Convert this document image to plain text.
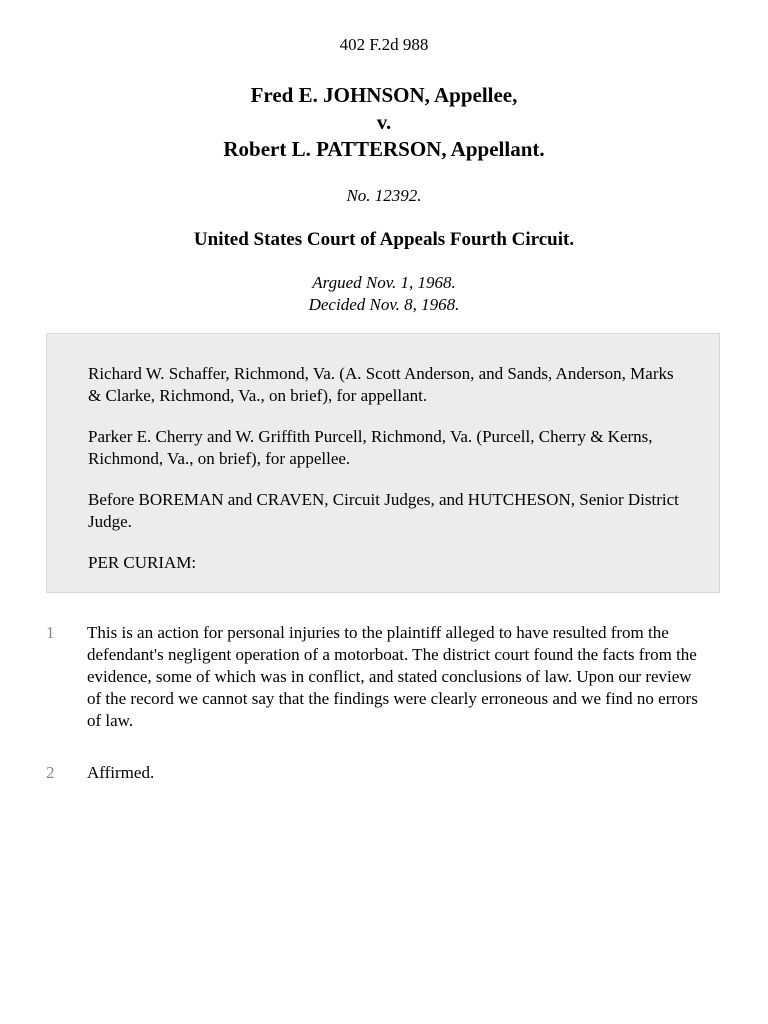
402 F.2d 988
Fred E. JOHNSON, Appellee,
v.
Robert L. PATTERSON, Appellant.
No. 12392.
United States Court of Appeals Fourth Circuit.
Argued Nov. 1, 1968.
Decided Nov. 8, 1968.

Richard W. Schaffer, Richmond, Va. (A. Scott Anderson, and Sands, Anderson, Marks & Clarke, Richmond, Va., on brief), for appellant.

Parker E. Cherry and W. Griffith Purcell, Richmond, Va. (Purcell, Cherry & Kerns, Richmond, Va., on brief), for appellee.

Before BOREMAN and CRAVEN, Circuit Judges, and HUTCHESON, Senior District Judge.

PER CURIAM:

1	This is an action for personal injuries to the plaintiff alleged to have resulted from the defendant's negligent operation of a motorboat. The district court found the facts from the evidence, some of which was in conflict, and stated conclusions of law. Upon our review of the record we cannot say that the findings were clearly erroneous and we find no errors of law.

2	Affirmed.
